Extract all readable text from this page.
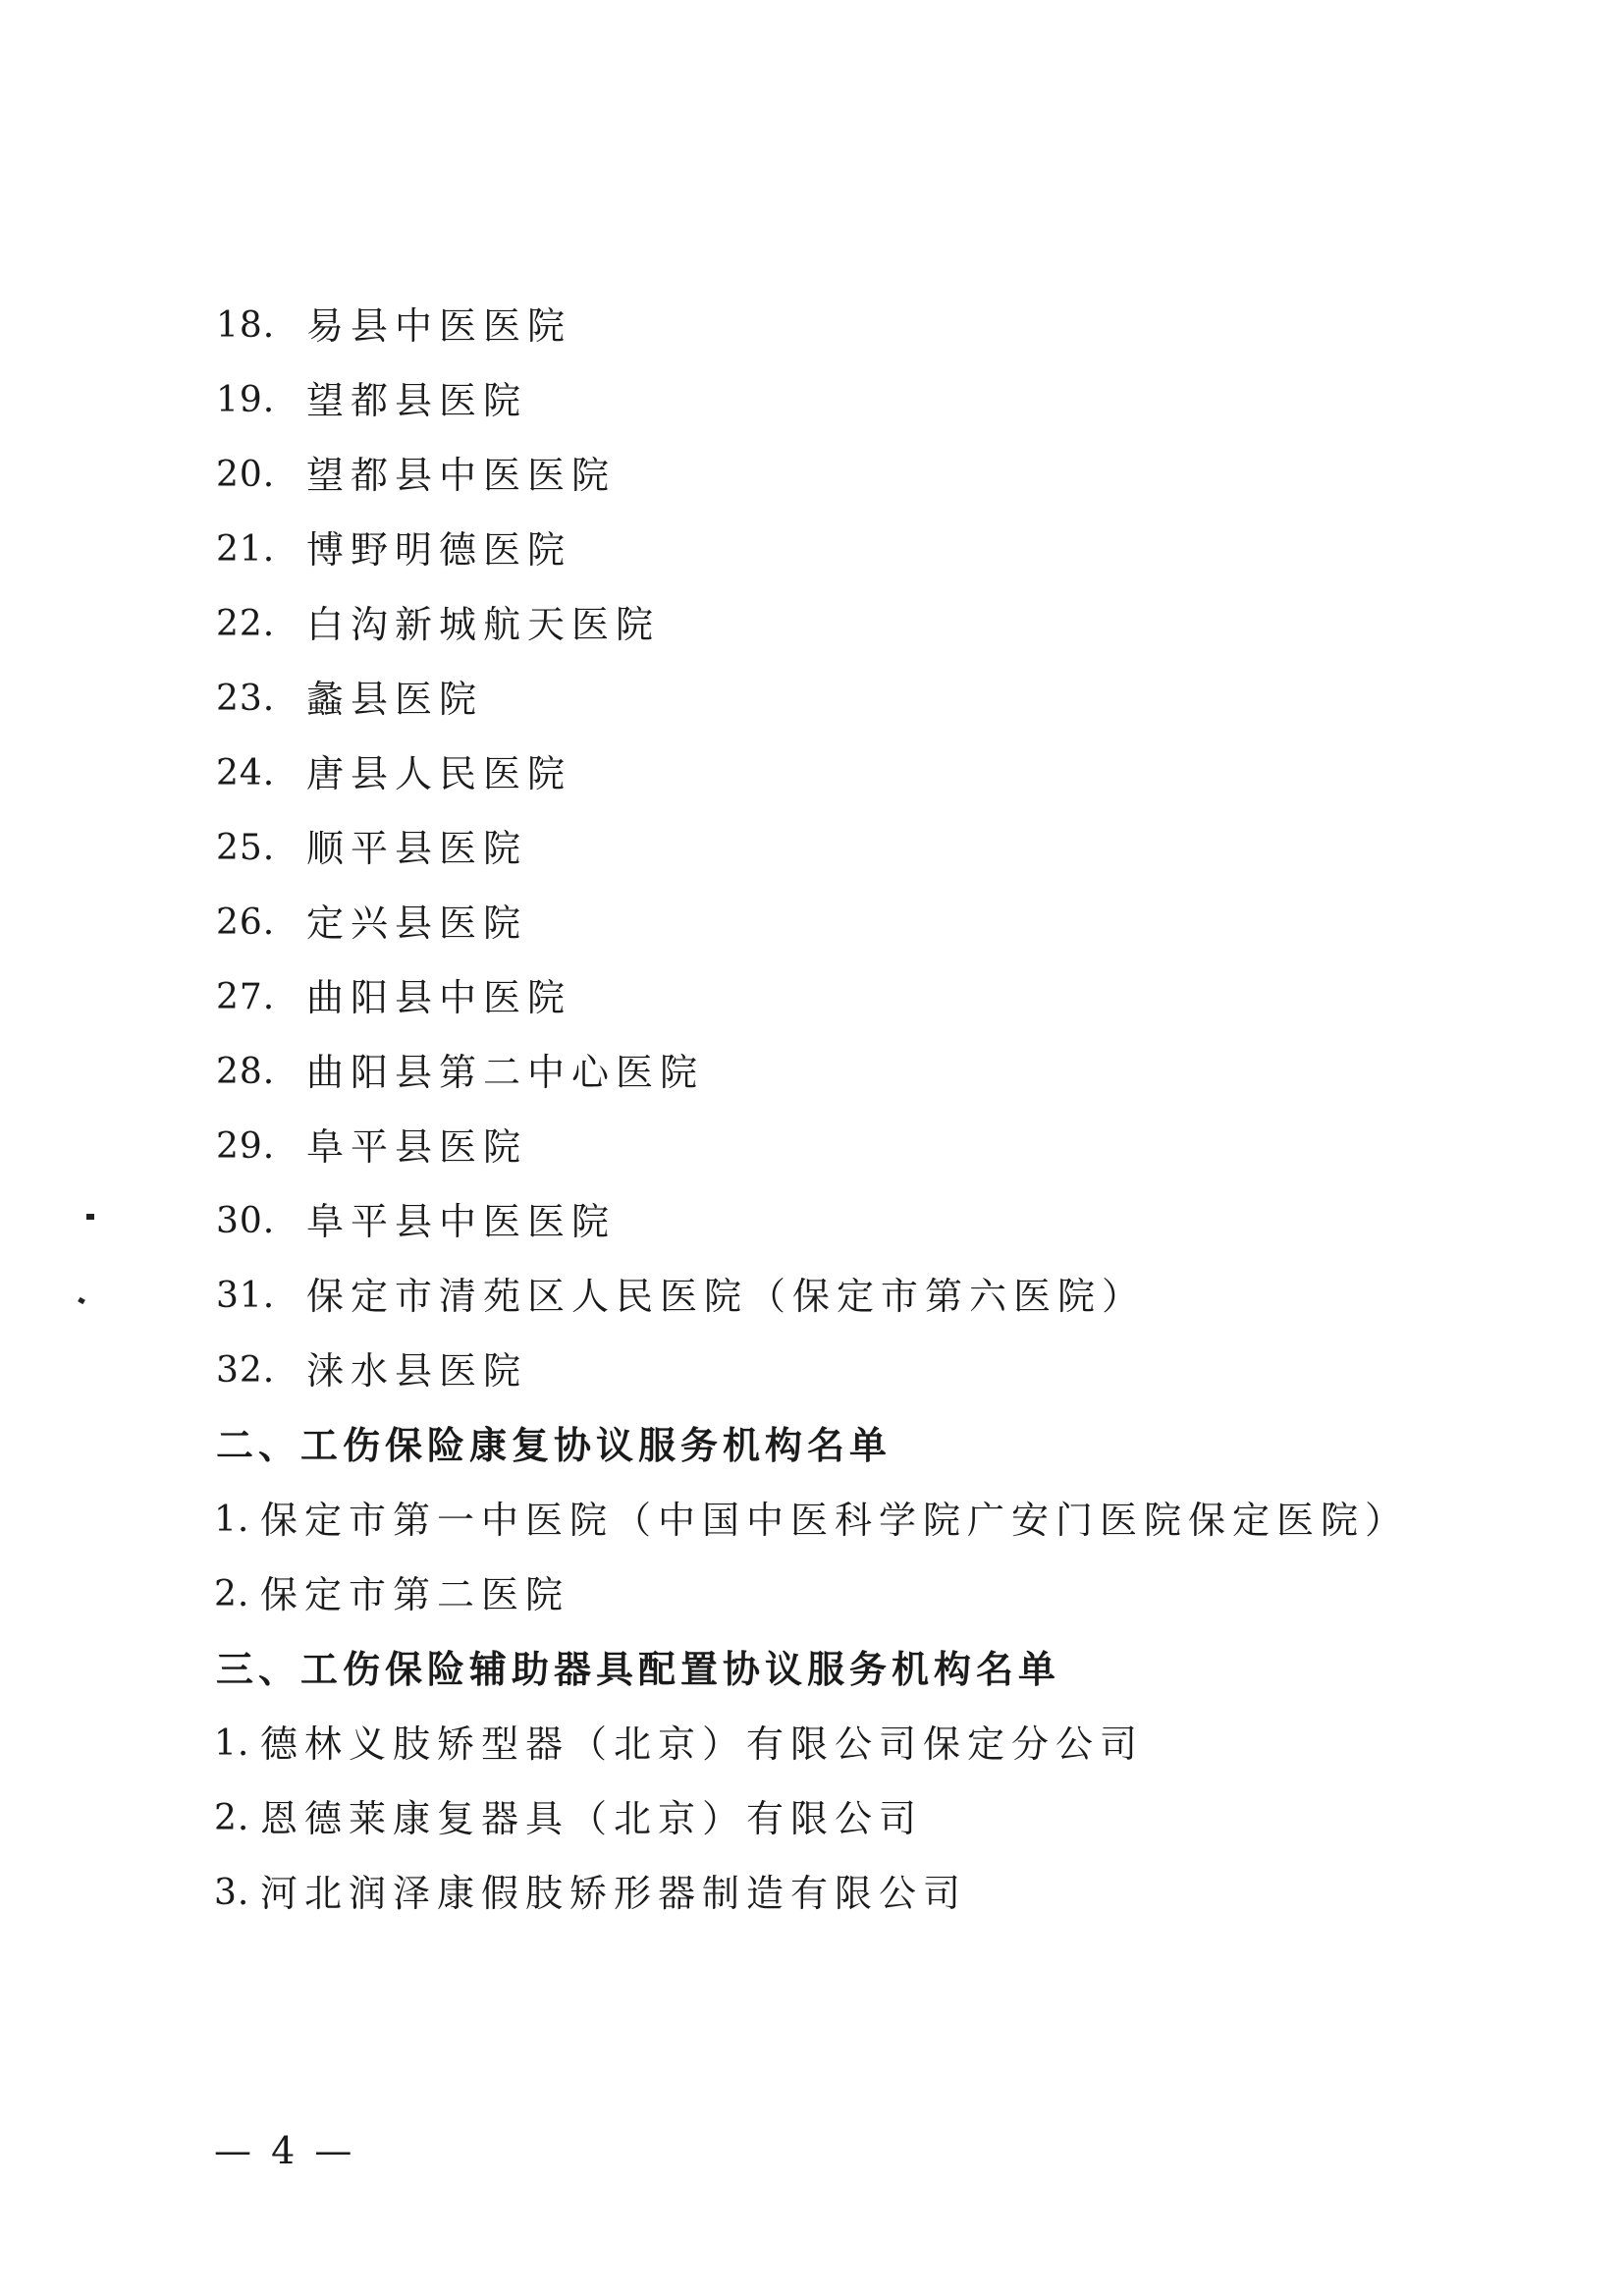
18. 易县中医医院
19. 望都县医院
20. 望都县中医医院
21. 博野明德医院
22. 白沟新城航天医院
23. 蠡县医院
24. 唐县人民医院
25. 顺平县医院
26. 定兴县医院
27. 曲阳县中医院
28. 曲阳县第二中心医院
29. 阜平县医院
30. 阜平县中医医院
31. 保定市清苑区人民医院（保定市第六医院）
32. 涞水县医院
二、工伤保险康复协议服务机构名单
1. 保定市第一中医院（中国中医科学院广安门医院保定医院）
2. 保定市第二医院
三、工伤保险辅助器具配置协议服务机构名单
1. 德林义肢矫型器（北京）有限公司保定分公司
2. 恩德莱康复器具（北京）有限公司
3. 河北润泽康假肢矫形器制造有限公司
— 4 —
